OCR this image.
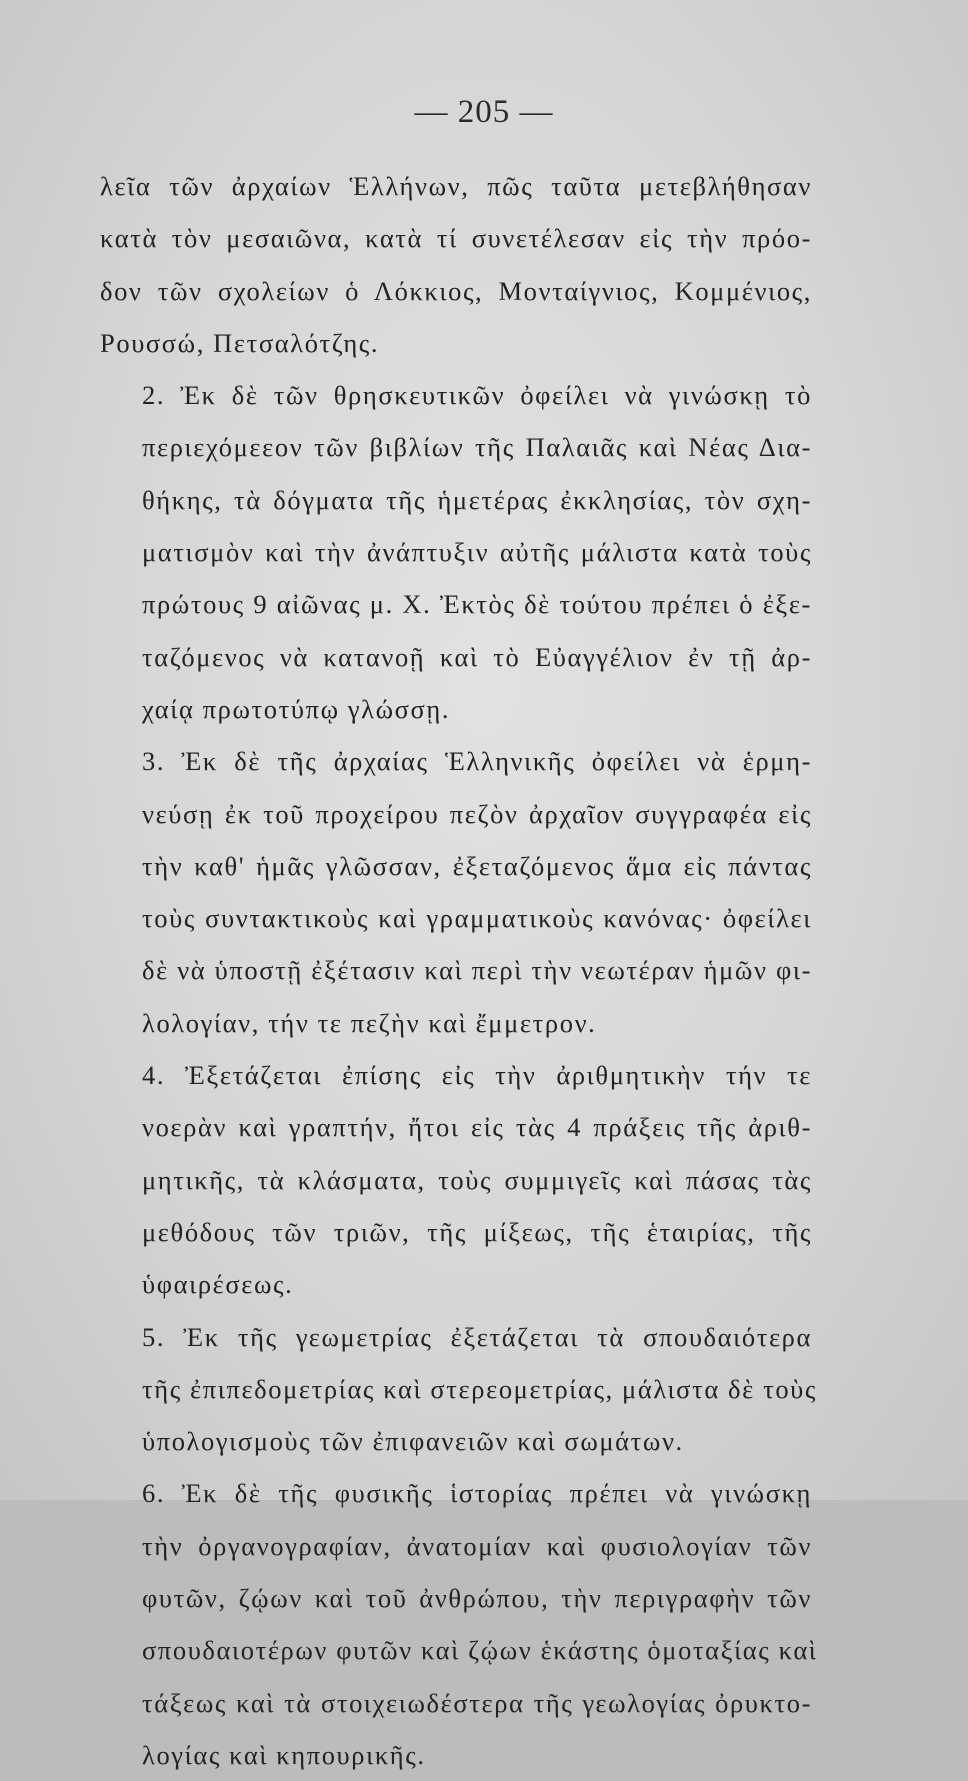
— 205 —

λεῖα τῶν ἀρχαίων Ἑλλήνων, πῶς ταῦτα μετεβλήθησαν
κατὰ τὸν μεσαιῶνα, κατὰ τί συνετέλεσαν εἰς τὴν πρόο-
δον τῶν σχολείων ὁ Λόκκιος, Μονταίγνιος, Κομμένιος,
Ρουσσώ, Πετσαλότζης.

2. Ἐκ δὲ τῶν θρησκευτικῶν ὀφείλει νὰ γινώσκῃ τὸ
περιεχόμεεον τῶν βιβλίων τῆς Παλαιᾶς καὶ Νέας Δια-
θήκης, τὰ δόγματα τῆς ἡμετέρας ἐκκλησίας, τὸν σχη-
ματισμὸν καὶ τὴν ἀνάπτυξιν αὐτῆς μάλιστα κατὰ τοὺς
πρώτους 9 αἰῶνας μ. Χ. Ἐκτὸς δὲ τούτου πρέπει ὁ ἐξε-
ταζόμενος νὰ κατανοῇ καὶ τὸ Εὐαγγέλιον ἐν τῇ ἀρ-
χαίᾳ πρωτοτύπῳ γλώσσῃ.

3. Ἐκ δὲ τῆς ἀρχαίας Ἑλληνικῆς ὀφείλει νὰ ἑρμη-
νεύσῃ ἐκ τοῦ προχείρου πεζὸν ἀρχαῖον συγγραφέα εἰς
τὴν καθ' ἡμᾶς γλῶσσαν, ἐξεταζόμενος ἅμα εἰς πάντας
τοὺς συντακτικοὺς καὶ γραμματικοὺς κανόνας· ὀφείλει
δὲ νὰ ὑποστῇ ἐξέτασιν καὶ περὶ τὴν νεωτέραν ἡμῶν φι-
λολογίαν, τήν τε πεζὴν καὶ ἔμμετρον.

4. Ἐξετάζεται ἐπίσης εἰς τὴν ἀριθμητικὴν τήν τε
νοερὰν καὶ γραπτήν, ἤτοι εἰς τὰς 4 πράξεις τῆς ἀριθ-
μητικῆς, τὰ κλάσματα, τοὺς συμμιγεῖς καὶ πάσας τὰς
μεθόδους τῶν τριῶν, τῆς μίξεως, τῆς ἑταιρίας, τῆς
ὑφαιρέσεως.

5. Ἐκ τῆς γεωμετρίας ἐξετάζεται τὰ σπουδαιότερα
τῆς ἐπιπεδομετρίας καὶ στερεομετρίας, μάλιστα δὲ τοὺς
ὑπολογισμοὺς τῶν ἐπιφανειῶν καὶ σωμάτων.

6. Ἐκ δὲ τῆς φυσικῆς ἱστορίας πρέπει νὰ γινώσκῃ
τὴν ὀργανογραφίαν, ἀνατομίαν καὶ φυσιολογίαν τῶν
φυτῶν, ζῴων καὶ τοῦ ἀνθρώπου, τὴν περιγραφὴν τῶν
σπουδαιοτέρων φυτῶν καὶ ζῴων ἑκάστης ὁμοταξίας καὶ
τάξεως καὶ τὰ στοιχειωδέστερα τῆς γεωλογίας ὀρυκτο-
λογίας καὶ κηπουρικῆς.
